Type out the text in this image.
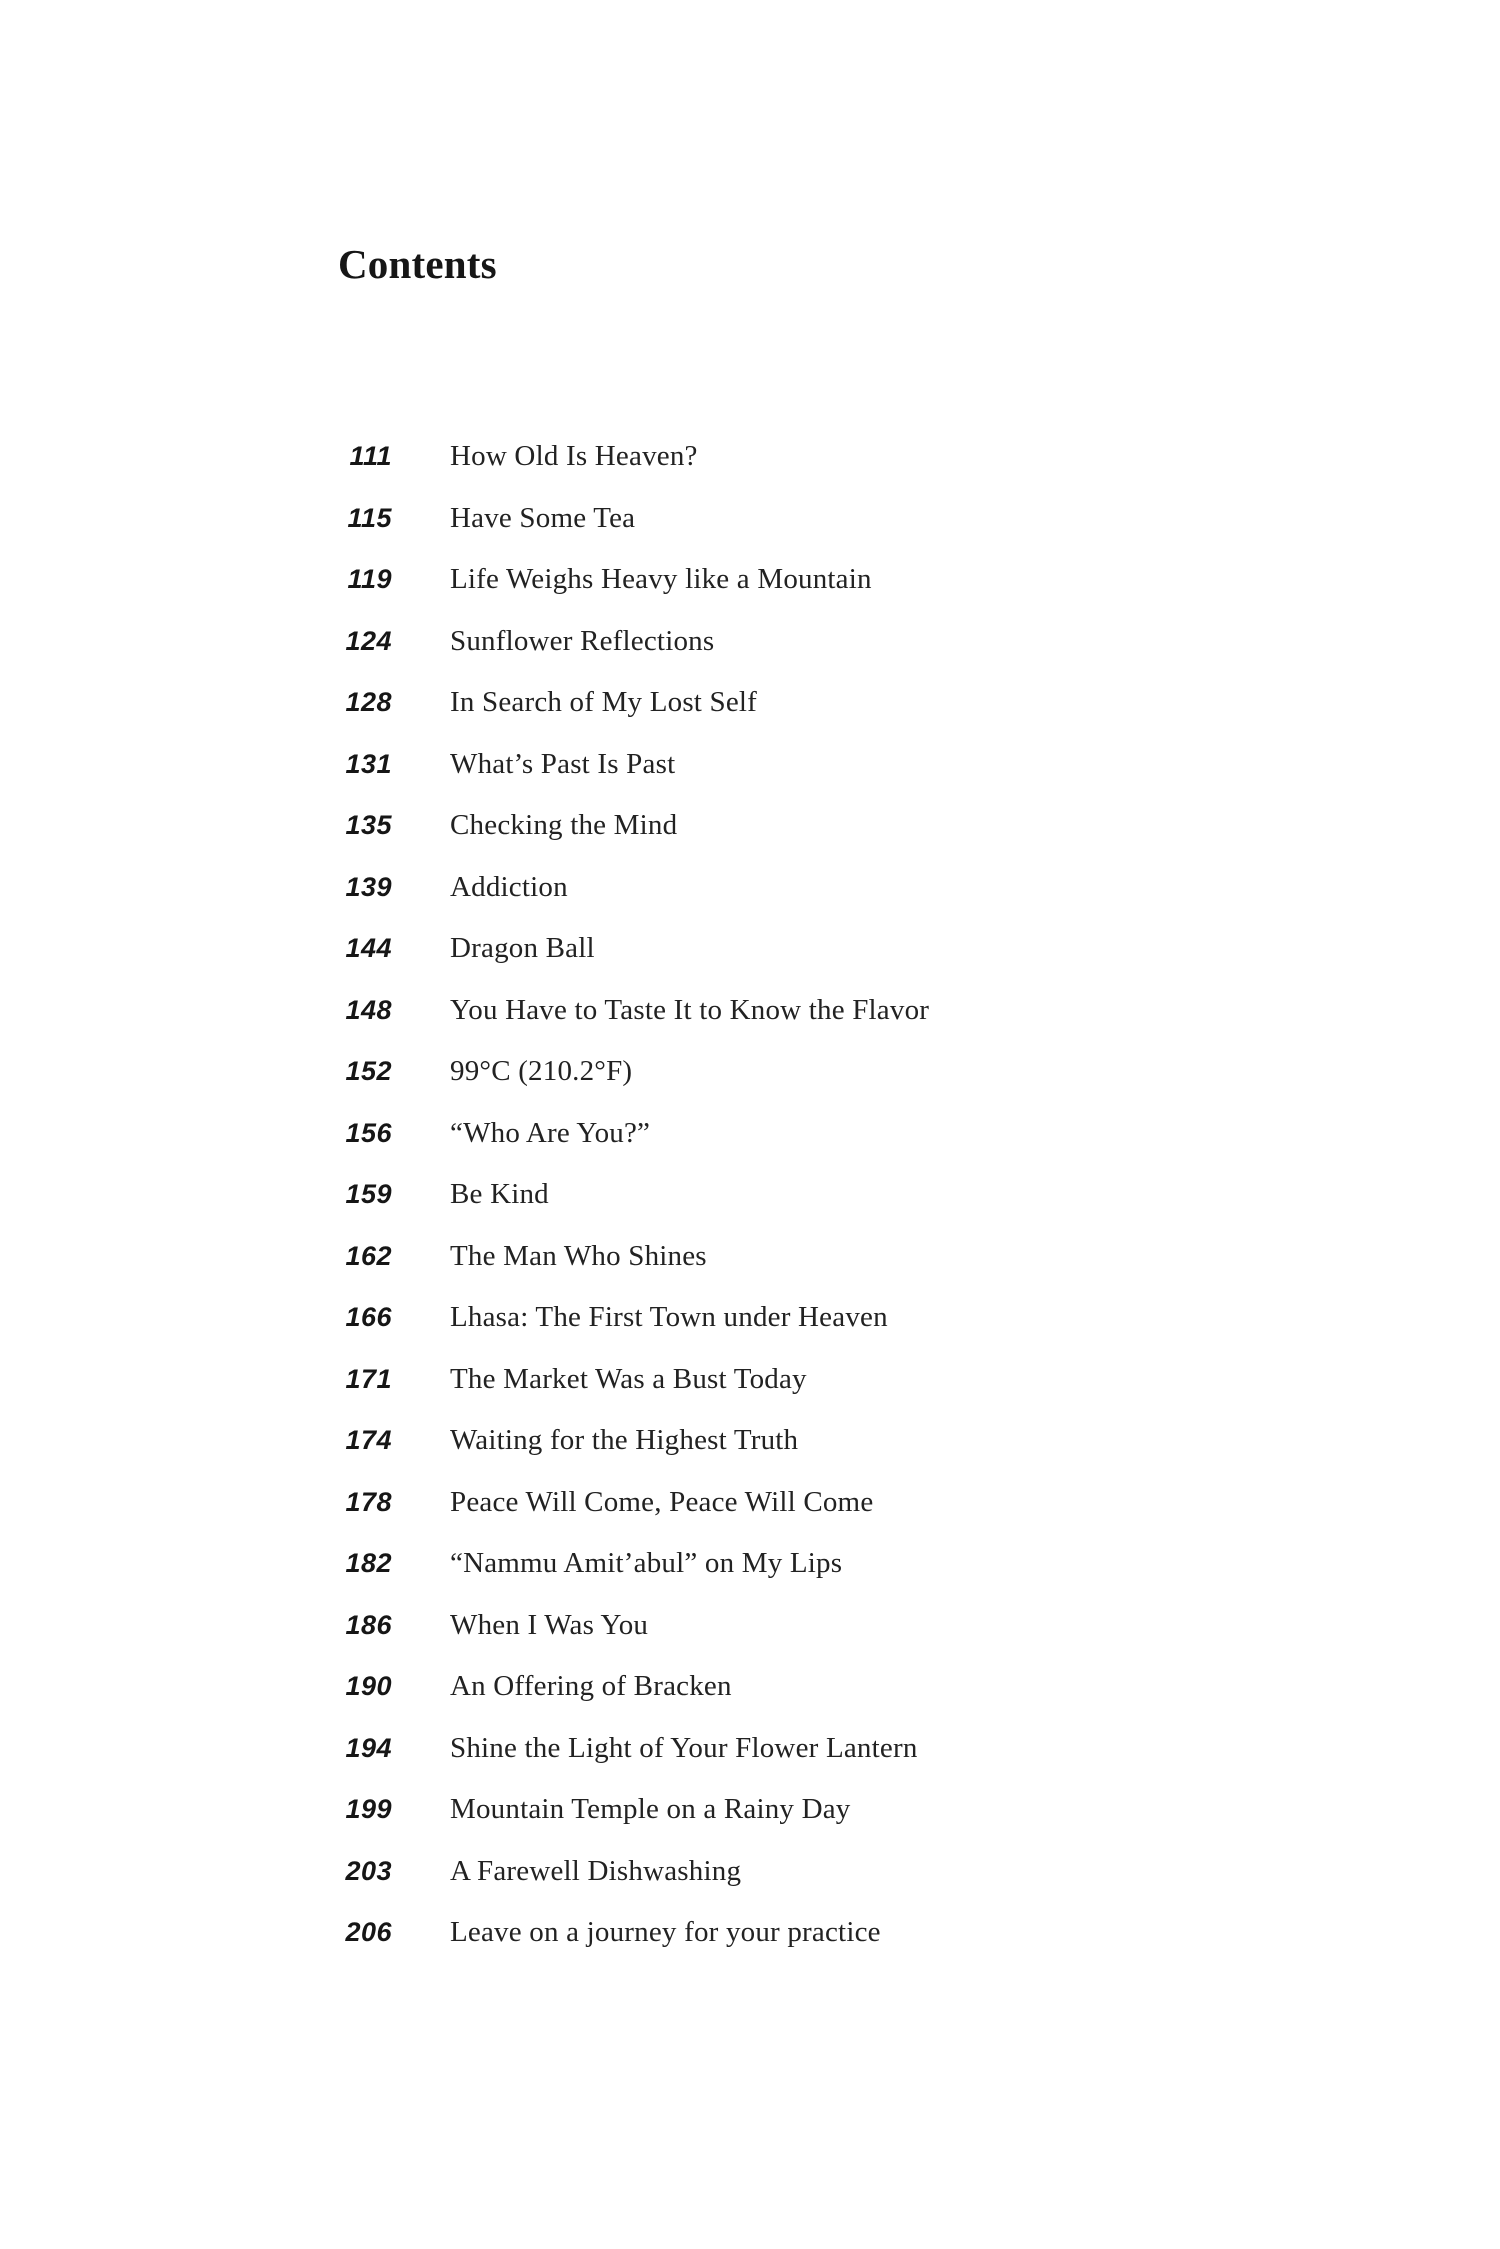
Contents
111 How Old Is Heaven?
115 Have Some Tea
119 Life Weighs Heavy like a Mountain
124 Sunflower Reflections
128 In Search of My Lost Self
131 What’s Past Is Past
135 Checking the Mind
139 Addiction
144 Dragon Ball
148 You Have to Taste It to Know the Flavor
152 99°C (210.2°F)
156 “Who Are You?”
159 Be Kind
162 The Man Who Shines
166 Lhasa: The First Town under Heaven
171 The Market Was a Bust Today
174 Waiting for the Highest Truth
178 Peace Will Come, Peace Will Come
182 “Nammu Amit’abul” on My Lips
186 When I Was You
190 An Offering of Bracken
194 Shine the Light of Your Flower Lantern
199 Mountain Temple on a Rainy Day
203 A Farewell Dishwashing
206 Leave on a journey for your practice
